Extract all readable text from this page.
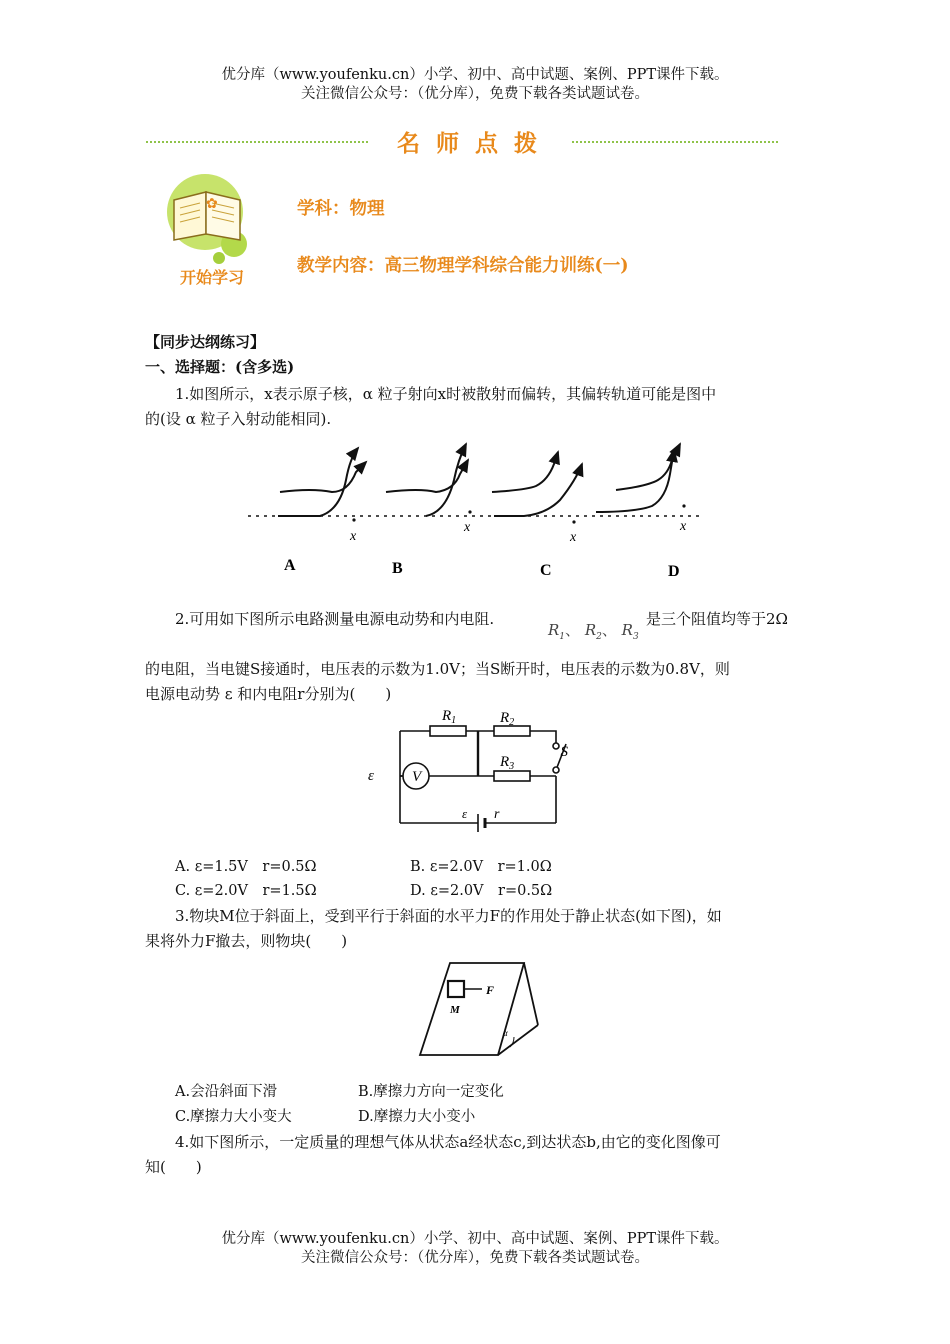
优分库（www.youfenku.cn）小学、初中、高中试题、案例、PPT课件下载。
关注微信公众号：（优分库），免费下载各类试题试卷。
名师点拨
✿
开始学习
学科：物理
教学内容：高三物理学科综合能力训练(一)
【同步达纲练习】
一、选择题：(含多选)
1.如图所示，x表示原子核，α 粒子射向x时被散射而偏转，其偏转轨道可能是图中
的(设 α 粒子入射动能相同).
x
A
x
B
x
C
x
D
2.可用如下图所示电路测量电源电动势和内电阻.
$R_1$、 $R_2$、 $R_3$
是三个阻值均等于2Ω
的电阻，当电键S接通时，电压表的示数为1.0V；当S断开时，电压表的示数为0.8V，则
电源电动势 ε 和内电阻r分别为(　　)
$R_1$	$R_2$
$R_3$
V
ε
ε r
S
A. ε=1.5V　r=0.5Ω	B. ε=2.0V　r=1.0Ω
C. ε=2.0V　r=1.5Ω	D. ε=2.0V　r=0.5Ω
3.物块M位于斜面上，受到平行于斜面的水平力F的作用处于静止状态(如下图)，如
果将外力F撤去，则物块(　　)
F
M
α
A.会沿斜面下滑	B.摩擦力方向一定变化
C.摩擦力大小变大	D.摩擦力大小变小
4.如下图所示，一定质量的理想气体从状态a经状态c,到达状态b,由它的变化图像可
知(　　)
优分库（www.youfenku.cn）小学、初中、高中试题、案例、PPT课件下载。
关注微信公众号：（优分库），免费下载各类试题试卷。
